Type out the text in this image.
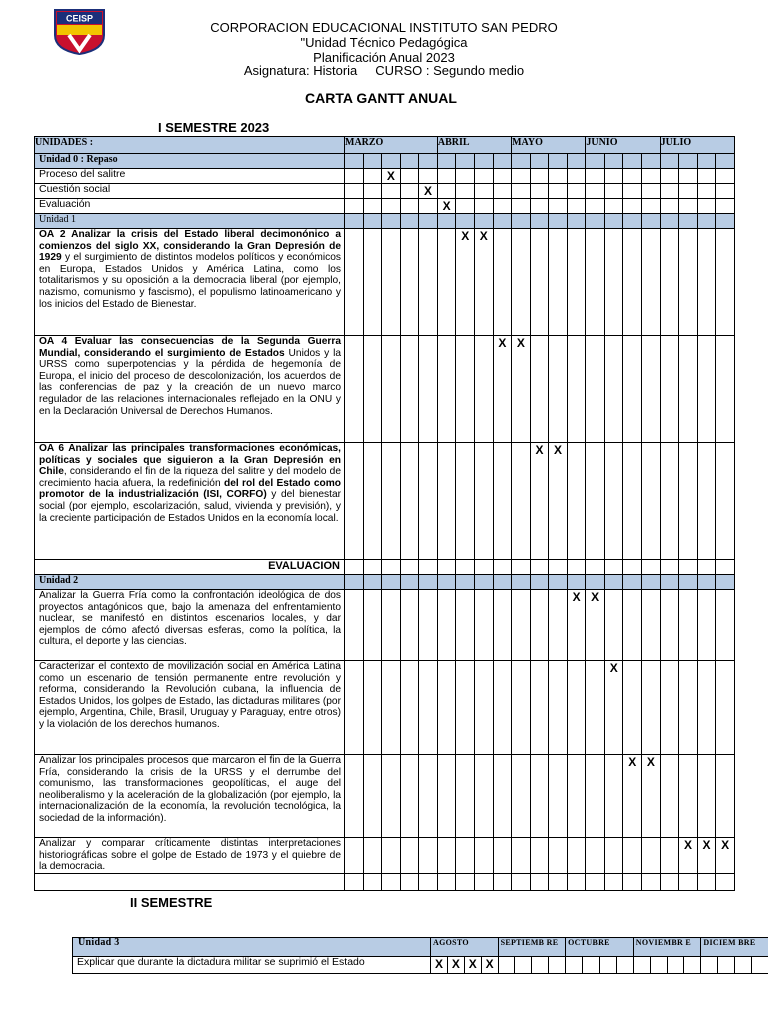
CEISP
CORPORACION EDUCACIONAL INSTITUTO SAN PEDRO
"Unidad Técnico Pedagógica
Planificación Anual 2023
Asignatura: Historia CURSO : Segundo medio
CARTA GANTT ANUAL
I SEMESTRE 2023
UNIDADES :	MARZO					ABRIL				MAYO				JUNIO				JULIO			
Unidad 0 : Repaso																					
Proceso del salitre			X																		
Cuestión social					X																
Evaluación						X															
Unidad 1																					
OA 2 Analizar la crisis del Estado liberal decimonónico a comienzos del siglo XX, considerando la Gran Depresión de 1929 y el surgimiento de distintos modelos políticos y económicos en Europa, Estados Unidos y América Latina, como los totalitarismos y su oposición a la democracia liberal (por ejemplo, nazismo, comunismo y fascismo), el populismo latinoamericano y los inicios del Estado de Bienestar.							X	X													
OA 4 Evaluar las consecuencias de la Segunda Guerra Mundial, considerando el surgimiento de Estados Unidos y la URSS como superpotencias y la pérdida de hegemonía de Europa, el inicio del proceso de descolonización, los acuerdos de las conferencias de paz y la creación de un nuevo marco regulador de las relaciones internacionales reflejado en la ONU y en la Declaración Universal de Derechos Humanos.									X	X											
OA 6 Analizar las principales transformaciones económicas, políticas y sociales que siguieron a la Gran Depresión en Chile, considerando el fin de la riqueza del salitre y del modelo de crecimiento hacia afuera, la redefinición del rol del Estado como promotor de la industrialización (ISI, CORFO) y del bienestar social (por ejemplo, escolarización, salud, vivienda y previsión), y la creciente participación de Estados Unidos en la economía local.											X	X									
EVALUACION																					
Unidad 2																					
Analizar la Guerra Fría como la confrontación ideológica de dos proyectos antagónicos que, bajo la amenaza del enfrentamiento nuclear, se manifestó en distintos escenarios locales, y dar ejemplos de cómo afectó diversas esferas, como la política, la cultura, el deporte y las ciencias.													X	X							
Caracterizar el contexto de movilización social en América Latina como un escenario de tensión permanente entre revolución y reforma, considerando la Revolución cubana, la influencia de Estados Unidos, los golpes de Estado, las dictaduras militares (por ejemplo, Argentina, Chile, Brasil, Uruguay y Paraguay, entre otros) y la violación de los derechos humanos.															X						
Analizar los principales procesos que marcaron el fin de la Guerra Fría, considerando la crisis de la URSS y el derrumbe del comunismo, las transformaciones geopolíticas, el auge del neoliberalismo y la aceleración de la globalización (por ejemplo, la internacionalización de la economía, la revolución tecnológica, la sociedad de la información).																X	X				
Analizar y comparar críticamente distintas interpretaciones historiográficas sobre el golpe de Estado de 1973 y el quiebre de la democracia.																			X	X	X

II SEMESTRE
Unidad 3	AGOSTO				SEPTIEMB RE				OCTUBRE				NOVIEMBR E				DICIEM BRE			
Explicar que durante la dictadura militar se suprimió el Estado	X	X	X	X																
